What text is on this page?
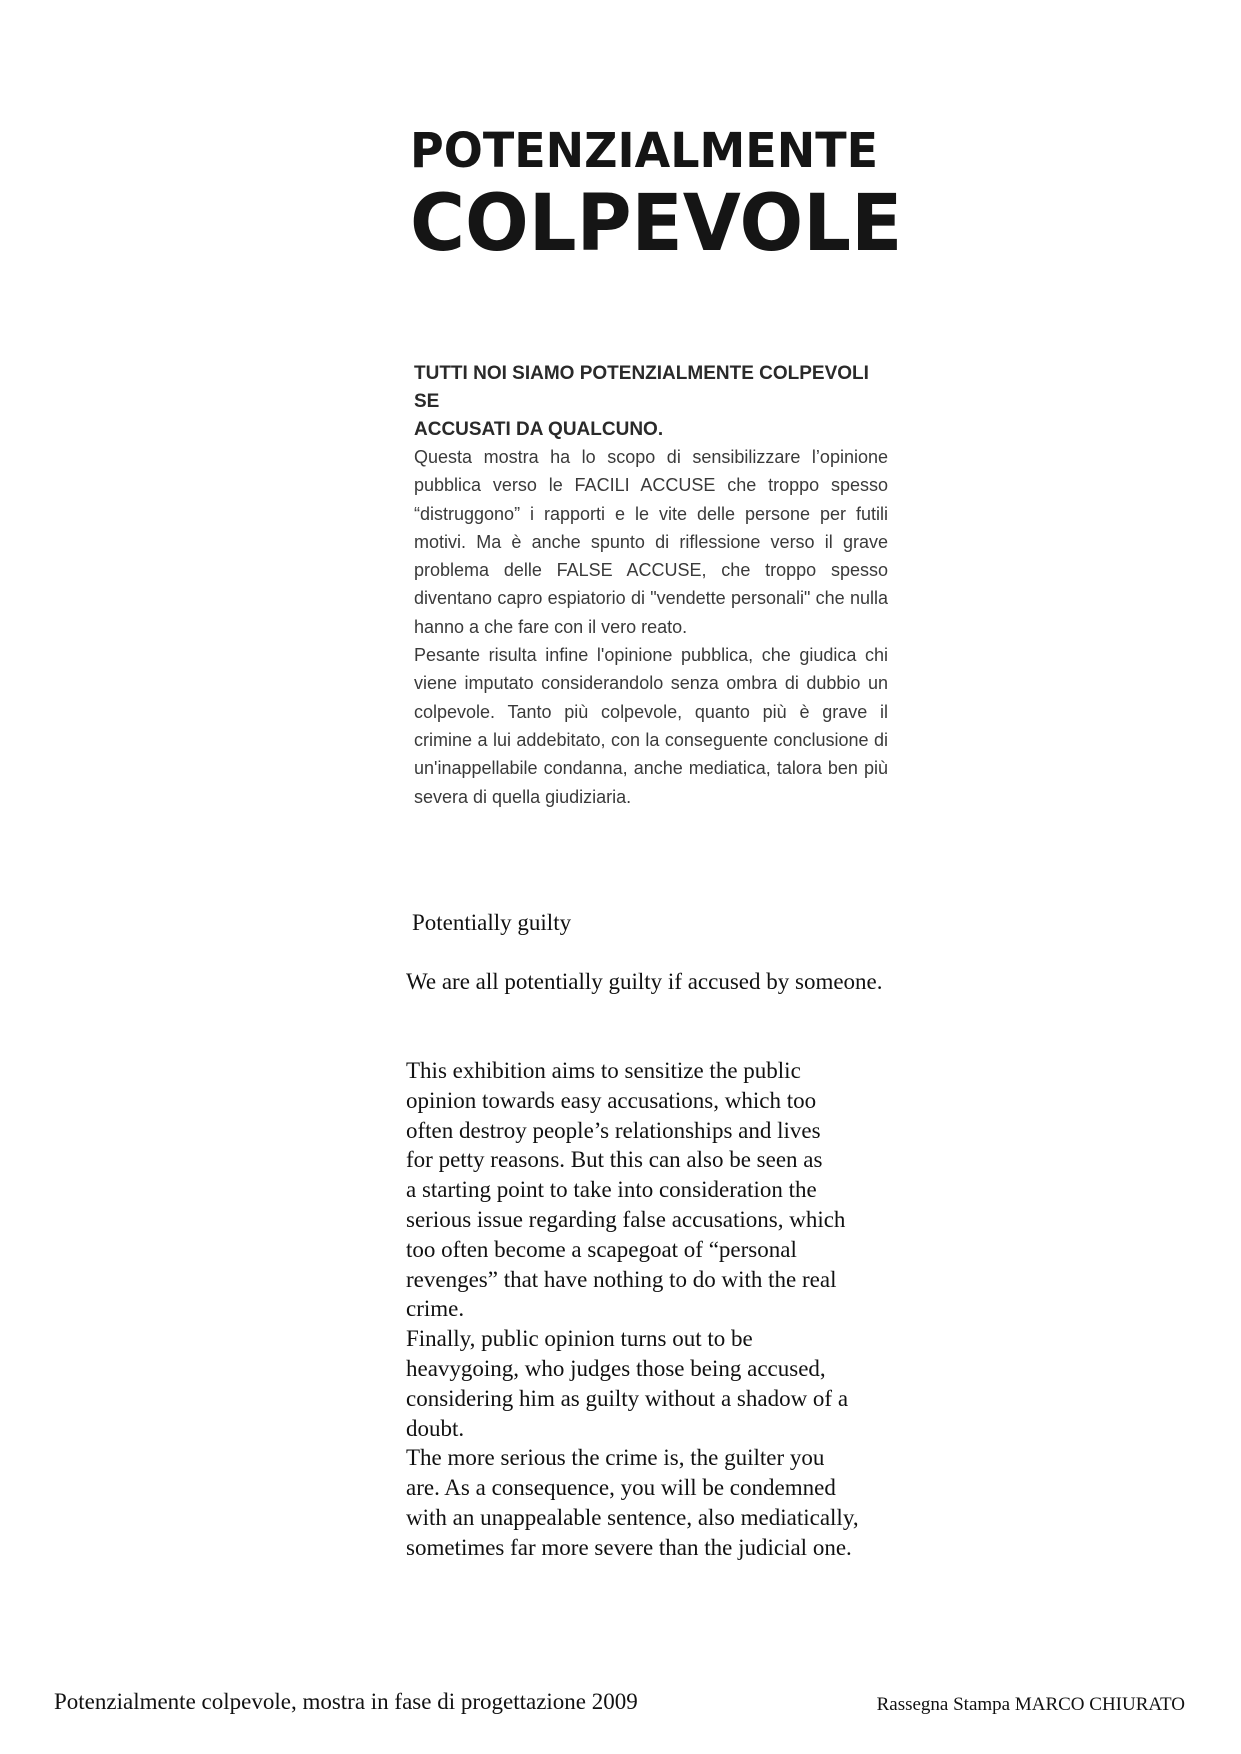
POTENZIALMENTE
COLPEVOLE
TUTTI NOI SIAMO POTENZIALMENTE COLPEVOLI SE
ACCUSATI DA QUALCUNO.

Questa mostra ha lo scopo di sensibilizzare l’opinione pubblica verso le FACILI ACCUSE che troppo spesso “distruggono” i rapporti e le vite delle persone per futili motivi. Ma è anche spunto di riflessione verso il grave problema delle FALSE ACCUSE, che troppo spesso diventano capro espiatorio di "vendette personali" che nulla hanno a che fare con il vero reato.

Pesante risulta infine l'opinione pubblica, che giudica chi viene imputato considerandolo senza ombra di dubbio un colpevole. Tanto più colpevole, quanto più è grave il crimine a lui addebitato, con la conseguente conclusione di un'inappellabile condanna, anche mediatica, talora ben più severa di quella giudiziaria.

Potentially guilty
We are all potentially guilty if accused by someone.

This exhibition aims to sensitize the public
opinion towards easy accusations, which too
often destroy people’s relationships and lives
for petty reasons. But this can also be seen as
a starting point to take into consideration the
serious issue regarding false accusations, which
too often become a scapegoat of “personal
revenges” that have nothing to do with the real
crime.

Finally, public opinion turns out to be
heavygoing, who judges those being accused,
considering him as guilty without a shadow of a
doubt.

The more serious the crime is, the guilter you
are. As a consequence, you will be condemned
with an unappealable sentence, also mediatically,
sometimes far more severe than the judicial one.

Potenzialmente colpevole, mostra in fase di progettazione 2009	Rassegna Stampa MARCO CHIURATO
